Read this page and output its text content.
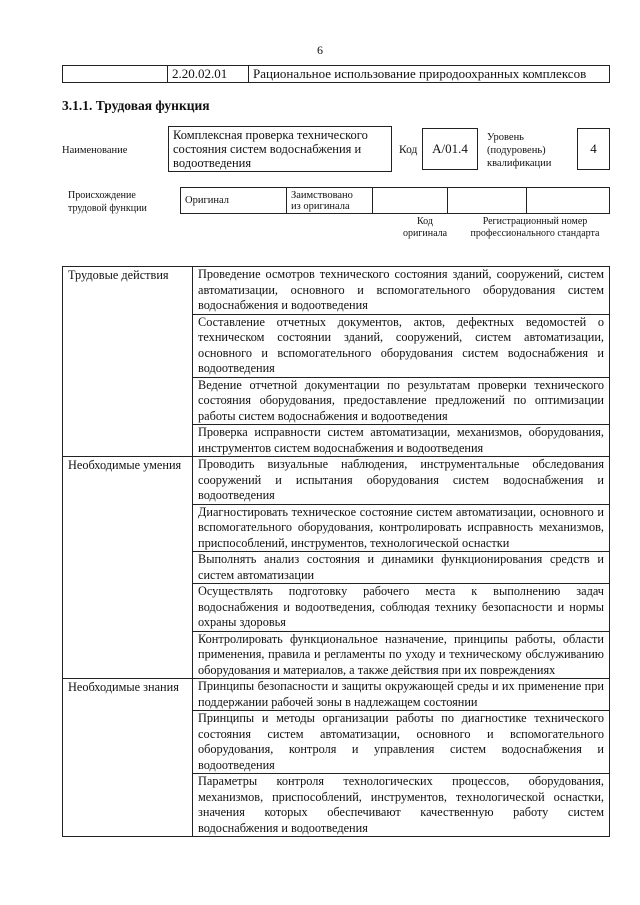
6
	2.20.02.01	Рациональное использование природоохранных комплексов
3.1.1. Трудовая функция
Наименование
Комплексная проверка технического состояния систем водоснабжения и водоотведения
Код	A/01.4
Уровень
(подуровень)
квалификации
4
Происхождение
трудовой функции
Оригинал	Заимствовано
из оригинала

Код
оригинала
Регистрационный номер
профессионального стандарта
Трудовые действия	Проведение осмотров технического состояния зданий, сооружений, систем автоматизации, основного и вспомогательного оборудования систем водоснабжения и водоотведения
	Составление отчетных документов, актов, дефектных ведомостей о техническом состоянии зданий, сооружений, систем автоматизации, основного и вспомогательного оборудования систем водоснабжения и водоотведения
	Ведение отчетной документации по результатам проверки технического состояния оборудования, предоставление предложений по оптимизации работы систем водоснабжения и водоотведения
	Проверка исправности систем автоматизации, механизмов, оборудования, инструментов систем водоснабжения и водоотведения
Необходимые умения	Проводить визуальные наблюдения, инструментальные обследования сооружений и испытания оборудования систем водоснабжения и водоотведения
	Диагностировать техническое состояние систем автоматизации, основного и вспомогательного оборудования, контролировать исправность механизмов, приспособлений, инструментов, технологической оснастки
	Выполнять анализ состояния и динамики функционирования средств и систем автоматизации
	Осуществлять подготовку рабочего места к выполнению задач водоснабжения и водоотведения, соблюдая технику безопасности и нормы охраны здоровья
	Контролировать функциональное назначение, принципы работы, области применения, правила и регламенты по уходу и техническому обслуживанию оборудования и материалов, а также действия при их повреждениях
Необходимые знания	Принципы безопасности и защиты окружающей среды и их применение при поддержании рабочей зоны в надлежащем состоянии
	Принципы и методы организации работы по диагностике технического состояния систем автоматизации, основного и вспомогательного оборудования, контроля и управления систем водоснабжения и водоотведения
	Параметры контроля технологических процессов, оборудования, механизмов, приспособлений, инструментов, технологической оснастки, значения которых обеспечивают качественную работу систем водоснабжения и водоотведения
